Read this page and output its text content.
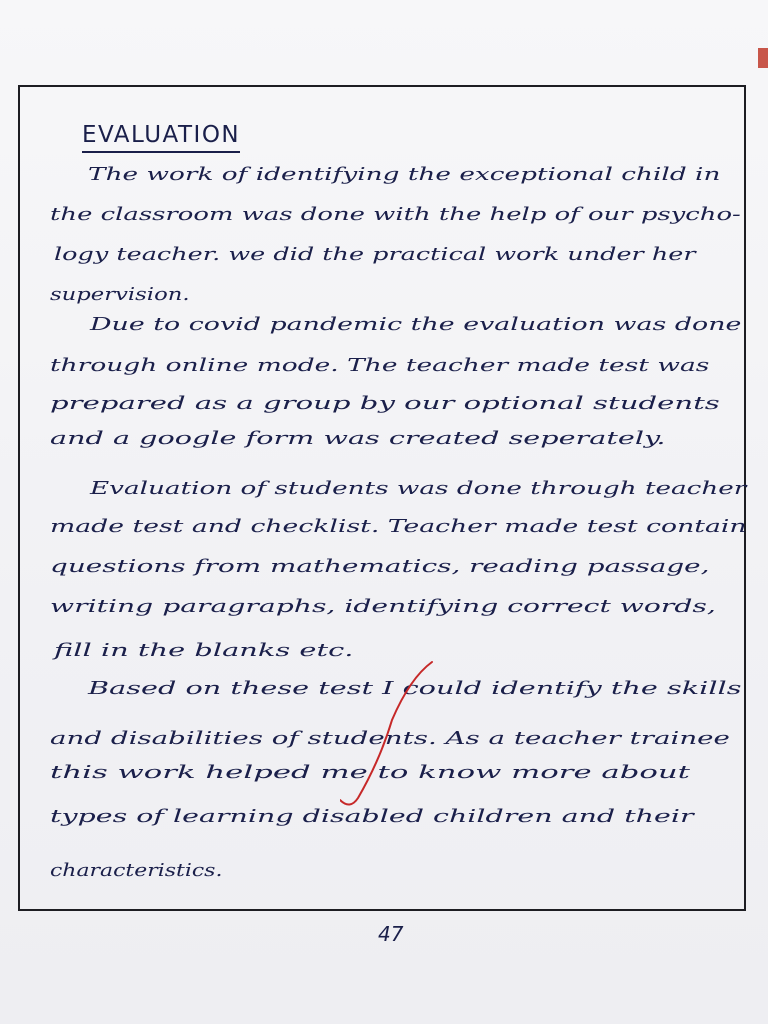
EVALUATION
The work of identifying the exceptional child in
the classroom was done with the help of our psycho-
logy teacher. we did the practical work under her
supervision.
Due to covid pandemic the evaluation was done
through online mode. The teacher made test was
prepared as a group by our optional students
and a google form was created seperately.
Evaluation of students was done through teacher
made test and checklist. Teacher made test contain
questions from mathematics, reading passage,
writing paragraphs, identifying correct words,
fill in the blanks etc.
Based on these test I could identify the skills
and disabilities of students. As a teacher trainee
this work helped me to know more about
types of learning disabled children and their
characteristics.
47
